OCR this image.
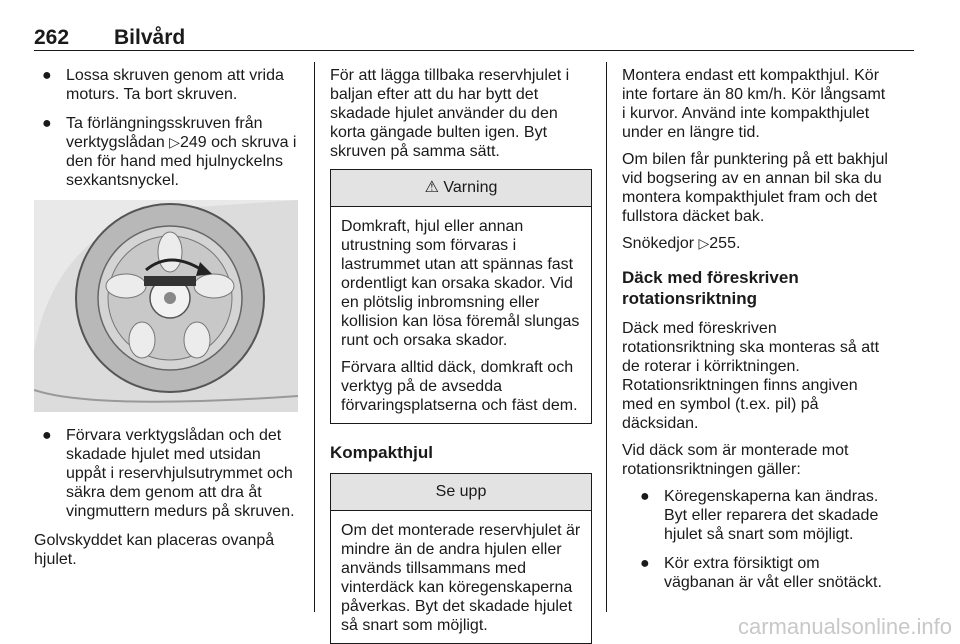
262 Bilvård
● Lossa skruven genom att vrida moturs. Ta bort skruven.
● Ta förlängningsskruven från verktygslådan ▷249 och skruva i den för hand med hjulnyckelns sexkantsnyckel.
● Förvara verktygslådan och det skadade hjulet med utsidan uppåt i reservhjulsutrymmet och säkra dem genom att dra åt vingmuttern medurs på skruven.

Golvskyddet kan placeras ovanpå hjulet.

För att lägga tillbaka reservhjulet i baljan efter att du har bytt det skadade hjulet använder du den korta gängade bulten igen. Byt skruven på samma sätt.

⚠ Varning

Domkraft, hjul eller annan utrustning som förvaras i lastrummet utan att spännas fast ordentligt kan orsaka skador. Vid en plötslig inbromsning eller kollision kan lösa föremål slungas runt och orsaka skador.

Förvara alltid däck, domkraft och verktyg på de avsedda förvaringsplatserna och fäst dem.

Kompakthjul
Se upp

Om det monterade reservhjulet är mindre än de andra hjulen eller används tillsammans med vinterdäck kan köregenskaperna påverkas. Byt det skadade hjulet så snart som möjligt.

Montera endast ett kompakthjul. Kör inte fortare än 80 km/h. Kör långsamt i kurvor. Använd inte kompakthjulet under en längre tid.

Om bilen får punktering på ett bakhjul vid bogsering av en annan bil ska du montera kompakthjulet fram och det fullstora däcket bak.

Snökedjor ▷255.

Däck med föreskriven rotationsriktning

Däck med föreskriven rotationsriktning ska monteras så att de roterar i körriktningen. Rotationsriktningen finns angiven med en symbol (t.ex. pil) på däcksidan.

Vid däck som är monterade mot rotationsriktningen gäller:

● Köregenskaperna kan ändras. Byt eller reparera det skadade hjulet så snart som möjligt.
● Kör extra försiktigt om vägbanan är våt eller snötäckt.
carmanualsonline.info
